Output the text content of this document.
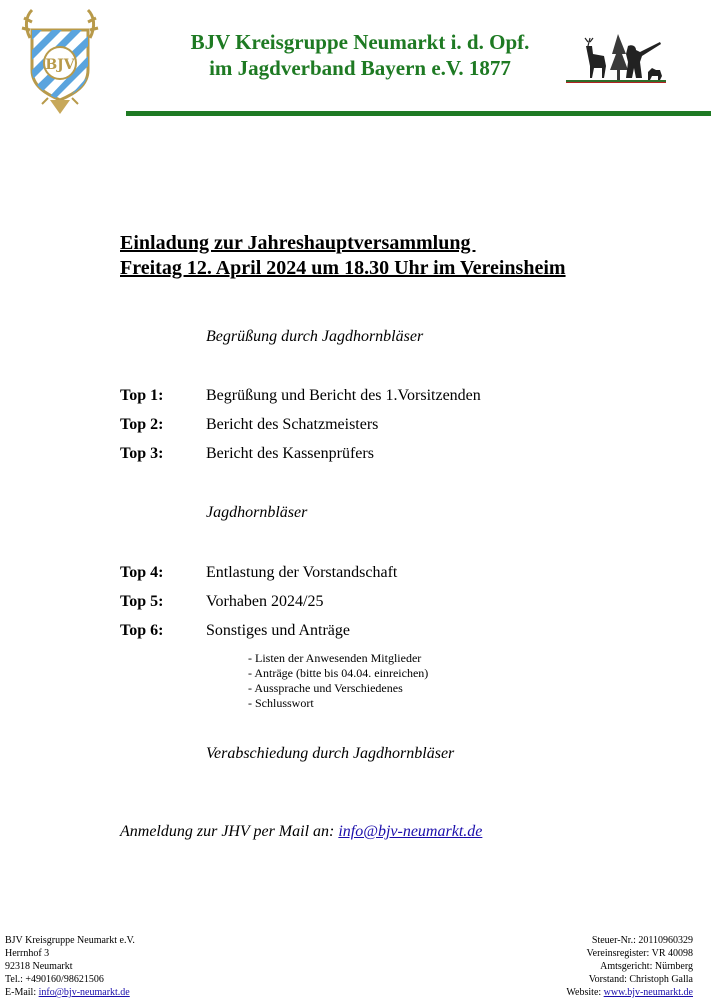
BJV
BJV Kreisgruppe Neumarkt i. d. Opf.
im Jagdverband Bayern e.V. 1877
Einladung zur Jahreshauptversammlung
Freitag 12. April 2024 um 18.30 Uhr im Vereinsheim
Begrüßung durch Jagdhornbläser
Top 1:	Begrüßung und Bericht des 1.Vorsitzenden
Top 2:	Bericht des Schatzmeisters
Top 3:	Bericht des Kassenprüfers
Jagdhornbläser
Top 4:	Entlastung der Vorstandschaft
Top 5:	Vorhaben 2024/25
Top 6:	Sonstiges und Anträge
- Listen der Anwesenden Mitglieder
- Anträge (bitte bis 04.04. einreichen)
- Aussprache und Verschiedenes
- Schlusswort
Verabschiedung durch Jagdhornbläser
Anmeldung zur JHV per Mail an: info@bjv-neumarkt.de
BJV Kreisgruppe Neumarkt e.V.
Herrnhof 3
92318 Neumarkt
Tel.: +490160/98621506
E-Mail: info@bjv-neumarkt.de
Steuer-Nr.: 20110960329
Vereinsregister: VR 40098
Amtsgericht: Nürnberg
Vorstand: Christoph Galla
Website: www.bjv-neumarkt.de
